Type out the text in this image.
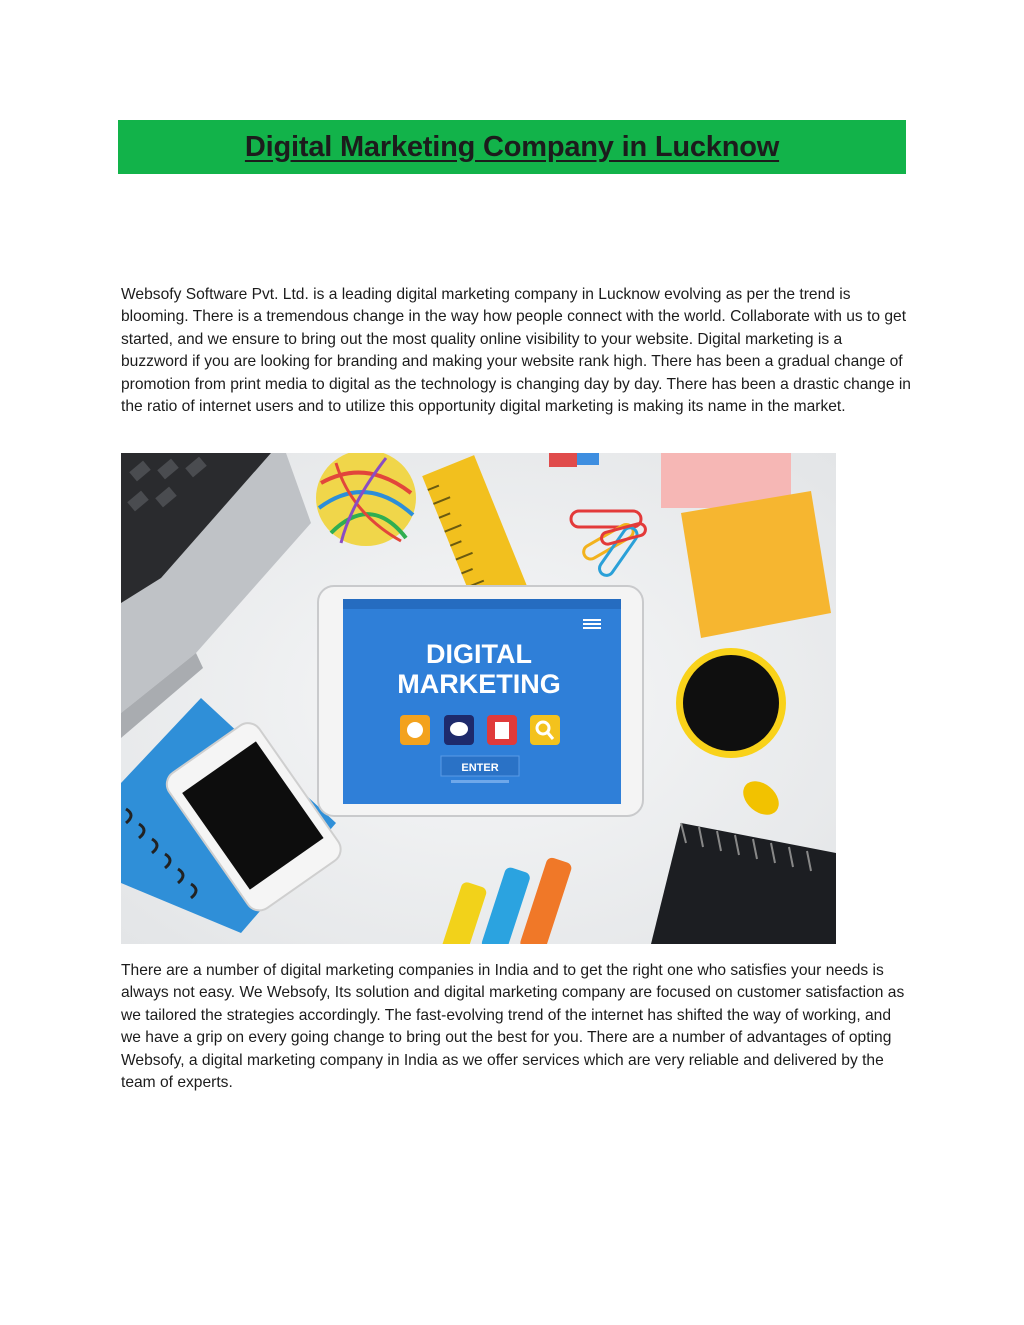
Digital Marketing Company in Lucknow

Websofy Software Pvt. Ltd. is a leading digital marketing company in Lucknow evolving as per the trend is blooming. There is a tremendous change in the way how people connect with the world. Collaborate with us to get started, and we ensure to bring out the most quality online visibility to your website. Digital marketing is a buzzword if you are looking for branding and making your website rank high. There has been a gradual change of promotion from print media to digital as the technology is changing day by day. There has been a drastic change in the ratio of internet users and to utilize this opportunity digital marketing is making its name in the market.

DIGITAL
MARKETING
ENTER

There are a number of digital marketing companies in India and to get the right one who satisfies your needs is always not easy. We Websofy, Its solution and digital marketing company are focused on customer satisfaction as we tailored the strategies accordingly. The fast-evolving trend of the internet has shifted the way of working, and we have a grip on every going change to bring out the best for you. There are a number of advantages of opting Websofy, a digital marketing company in India as we offer services which are very reliable and delivered by the team of experts.
